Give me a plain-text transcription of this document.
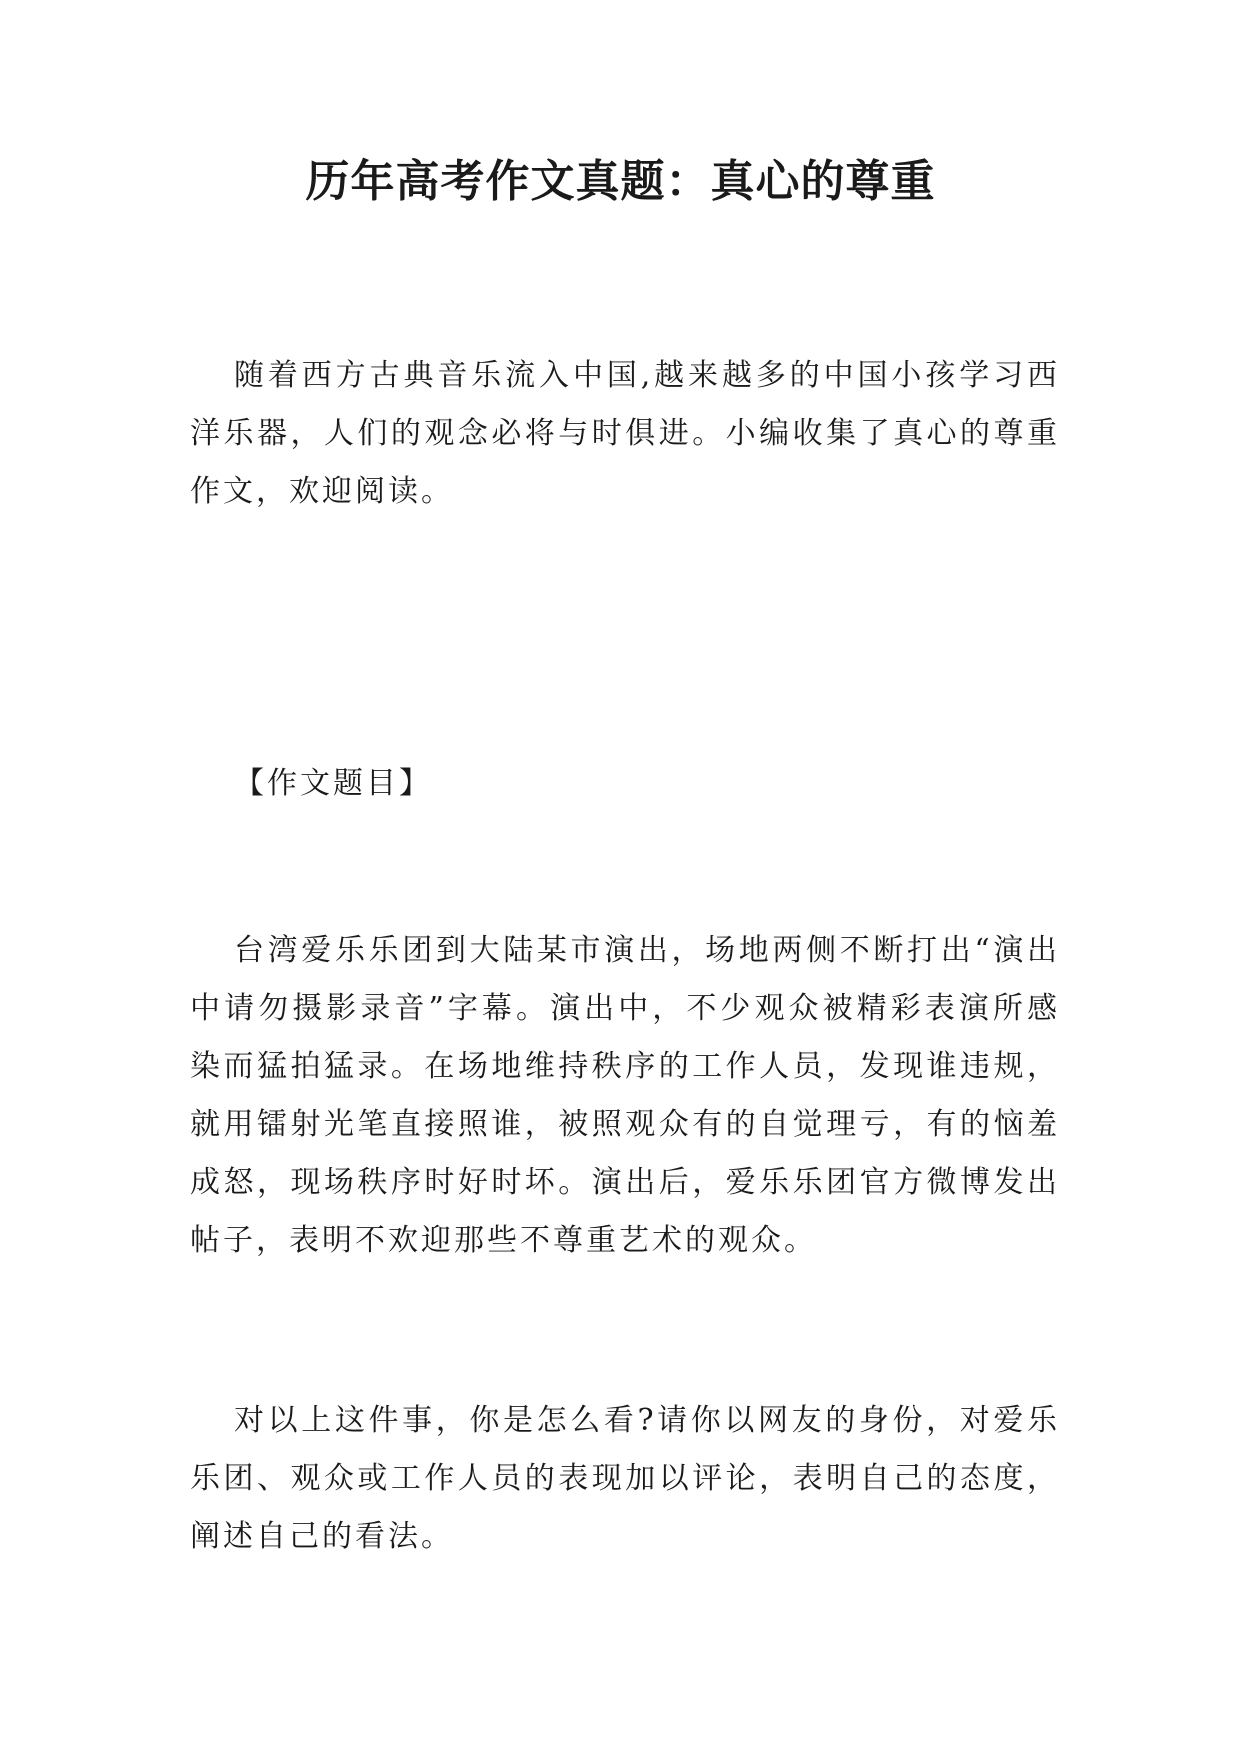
历年高考作文真题：真心的尊重

随着西方古典音乐流入中国,越来越多的中国小孩学习西洋乐器，人们的观念必将与时俱进。小编收集了真心的尊重作文，欢迎阅读。

【作文题目】

台湾爱乐乐团到大陆某市演出，场地两侧不断打出“演出中请勿摄影录音”字幕。演出中，不少观众被精彩表演所感染而猛拍猛录。在场地维持秩序的工作人员，发现谁违规，就用镭射光笔直接照谁，被照观众有的自觉理亏，有的恼羞成怒，现场秩序时好时坏。演出后，爱乐乐团官方微博发出帖子，表明不欢迎那些不尊重艺术的观众。

对以上这件事，你是怎么看?请你以网友的身份，对爱乐乐团、观众或工作人员的表现加以评论，表明自己的态度，阐述自己的看法。
